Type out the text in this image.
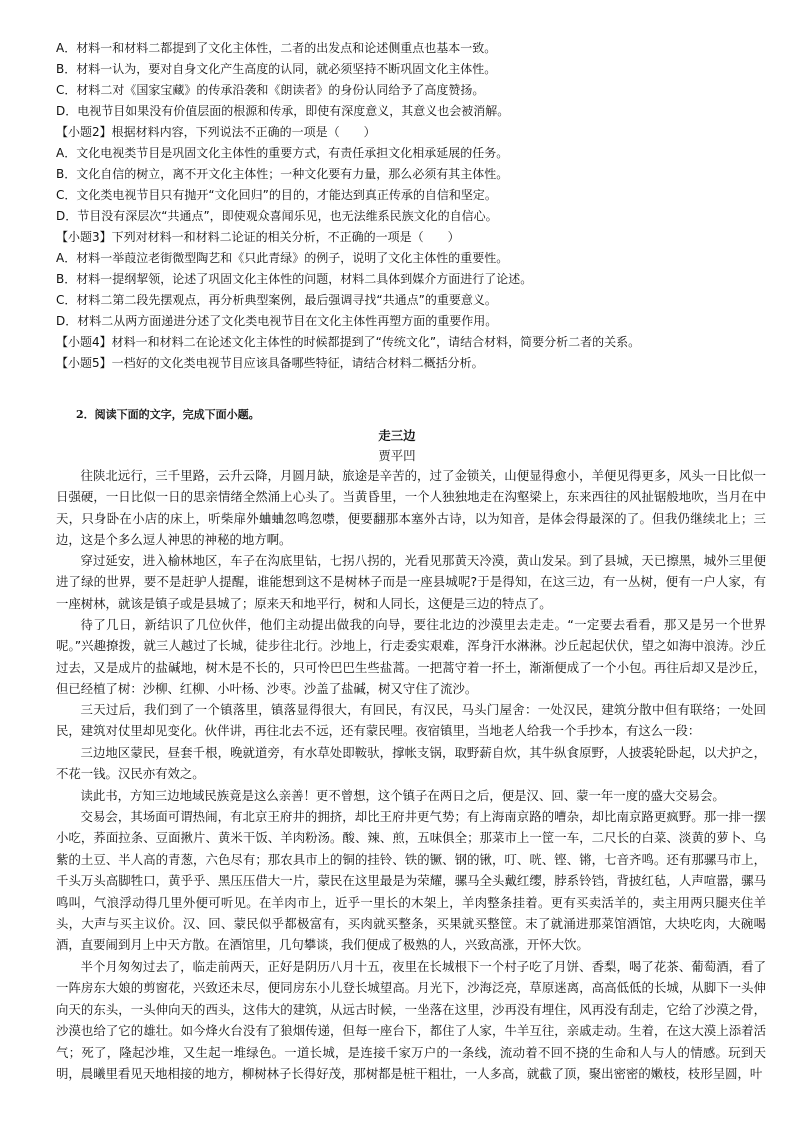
A．材料一和材料二都提到了文化主体性，二者的出发点和论述侧重点也基本一致。
B．材料一认为，要对自身文化产生高度的认同，就必须坚持不断巩固文化主体性。
C．材料二对《国家宝藏》的传承沿袭和《朗读者》的身份认同给予了高度赞扬。
D．电视节目如果没有价值层面的根源和传承，即使有深度意义，其意义也会被消解。
【小题2】根据材料内容，下列说法不正确的一项是（　　）
A．文化电视类节目是巩固文化主体性的重要方式，有责任承担文化相承延展的任务。
B．文化自信的树立，离不开文化主体性；一种文化要有力量，那么必须有其主体性。
C．文化类电视节目只有抛开“文化回归”的目的，才能达到真正传承的自信和坚定。
D．节目没有深层次“共通点”，即使观众喜闻乐见，也无法维系民族文化的自信心。
【小题3】下列对材料一和材料二论证的相关分析，不正确的一项是（　　）
A．材料一举葭泣老街微型陶艺和《只此青绿》的例子，说明了文化主体性的重要性。
B．材料一提纲挈领，论述了巩固文化主体性的问题，材料二具体到媒介方面进行了论述。
C．材料二第二段先摆观点，再分析典型案例，最后强调寻找“共通点”的重要意义。
D．材料二从两方面递进分述了文化类电视节目在文化主体性再塑方面的重要作用。
【小题4】材料一和材料二在论述文化主体性的时候都提到了“传统文化”，请结合材料，简要分析二者的关系。
【小题5】一档好的文化类电视节目应该具备哪些特征，请结合材料二概括分析。
2．阅读下面的文字，完成下面小题。
走三边
贾平凹
往陕北远行，三千里路，云升云降，月圆月缺，旅途是辛苦的，过了金锁关，山便显得愈小，羊便见得更多，风头一日比似一日强硬，一日比似一日的思亲情绪全然涌上心头了。当黄昏里，一个人独独地走在沟壑梁上，东来西往的风扯锯般地吹，当月在中天，只身卧在小店的床上，听柴扉外蛐蛐忽鸣忽噤，便要翻那本塞外古诗，以为知音，是体会得最深的了。但我仍继续北上；三边，这是个多么逗人神思的神秘的地方啊。
穿过延安，进入榆林地区，车子在沟底里钻，七拐八拐的，光看见那黄天冷漠，黄山发呆。到了县城，天已擦黑，城外三里便进了绿的世界，要不是赶驴人提醒，谁能想到这不是树林子而是一座县城呢?于是得知，在这三边，有一丛树，便有一户人家，有一座树林，就该是镇子或是县城了；原来天和地平行，树和人同长，这便是三边的特点了。
待了几日，新结识了几位伙伴，他们主动提出做我的向导，要往北边的沙漠里去走走。“一定要去看看，那又是另一个世界呢。”兴趣撩拨，就三人越过了长城，徒步往北行。沙地上，行走委实艰难，浑身汗水淋淋。沙丘起起伏伏，望之如海中浪涛。沙丘过去，又是成片的盐碱地，树木是不长的，只可怜巴巴生些盐蒿。一把蒿守着一抔土，渐渐便成了一个小包。再往后却又是沙丘，但已经植了树：沙柳、红柳、小叶杨、沙枣。沙盖了盐碱，树又守住了流沙。
三天过后，我们到了一个镇落里，镇落显得很大，有回民，有汉民，马头门屋舍：一处汉民，建筑分散中但有联络；一处回民，建筑对仗里却见变化。伙伴讲，再往北去不远，还有蒙民哩。夜宿镇里，当地老人给我一个手抄本，有这么一段：
三边地区蒙民，昼套千根，晚就道旁，有水草处即鞍驮，撑帐支锅，取野薪自炊，其牛纵食原野，人披裘轮卧起，以犬护之，不花一钱。汉民亦有效之。
读此书，方知三边地域民族竟是这么亲善！更不曾想，这个镇子在两日之后，便是汉、回、蒙一年一度的盛大交易会。
交易会，其场面可谓热闹，有北京王府井的拥挤，却比王府井更气势；有上海南京路的嘈杂，却比南京路更疯野。那一排一摆小吃，荞面拉条、豆面揪片、黄米干饭、羊肉粉汤。酸、辣、煎，五味俱全；那菜市上一筐一车，二尺长的白菜、淡黄的萝卜、乌紫的土豆、半人高的青葱，六色尽有；那农具市上的铜的挂铃、铁的镢、钢的锹，叮、咣、铿、锵，七音齐鸣。还有那骡马市上，千头万头高脚牲口，黄乎乎、黑压压借大一片，蒙民在这里最是为荣耀，骡马全头戴红缨，脖系铃铛，背披红毡，人声喧嚣，骡马鸣叫，气浪浮动得几里外便可听见。在羊肉市上，近乎一里长的木架上，羊肉整条挂着。更有买卖活羊的，卖主用两只腿夹住羊头，大声与买主议价。汉、回、蒙民似乎都极富有，买肉就买整条，买果就买整筐。末了就涌进那菜馆酒馆，大块吃肉，大碗喝酒，直要闹到月上中天方散。在酒馆里，几句攀谈，我们便成了极熟的人，兴致高涨，开怀大饮。
半个月匆匆过去了，临走前两天，正好是阴历八月十五，夜里在长城根下一个村子吃了月饼、香梨，喝了花茶、葡萄酒，看了一阵房东大娘的剪窗花，兴致还未尽，便同房东小儿登长城望高。月光下，沙海泛亮，草原迷离，高高低低的长城，从脚下一头伸向天的东头，一头伸向天的西头，这伟大的建筑，从远古时候，一坐落在这里，沙再没有埋住，风再没有刮走，它给了沙漠之骨，沙漠也给了它的雄壮。如今烽火台没有了狼烟传递，但每一座台下，都住了人家，牛羊互往，亲戚走动。生着，在这大漠上添着活气；死了，隆起沙堆，又生起一堆绿色。一道长城，是连接千家万户的一条线，流动着不回不挠的生命和人与人的情感。玩到天明，晨曦里看见天地相接的地方，柳树林子长得好茂，那树都是桩干粗壮，一人多高，就截了顶，聚出密密的嫩枝，枝形呈圆，叶
